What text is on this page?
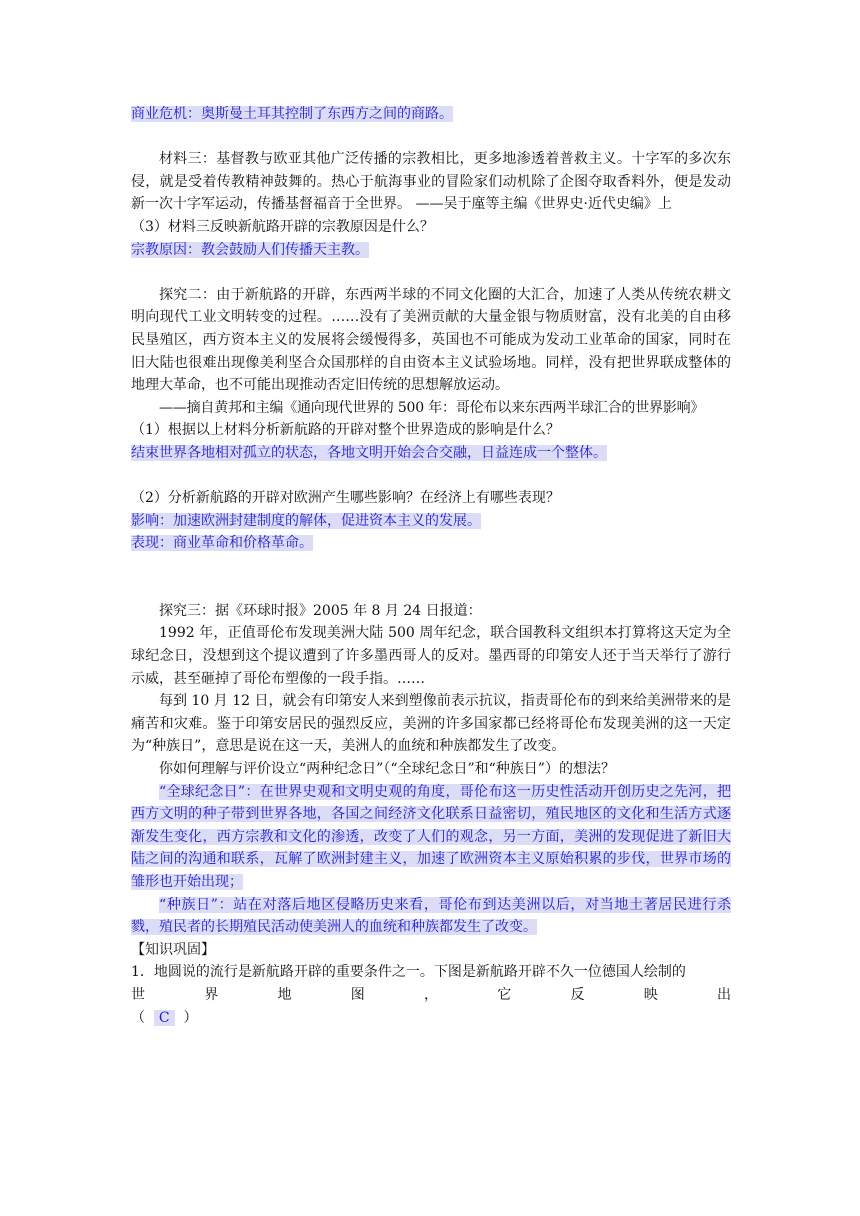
商业危机：奥斯曼土耳其控制了东西方之间的商路。
材料三：基督教与欧亚其他广泛传播的宗教相比，更多地渗透着普救主义。十字军的多次东侵，就是受着传教精神鼓舞的。热心于航海事业的冒险家们动机除了企图夺取香料外，便是发动新一次十字军运动，传播基督福音于全世界。 ——吴于廑等主编《世界史·近代史编》上
（3）材料三反映新航路开辟的宗教原因是什么？
宗教原因：教会鼓励人们传播天主教。
探究二：由于新航路的开辟，东西两半球的不同文化圈的大汇合，加速了人类从传统农耕文明向现代工业文明转变的过程。……没有了美洲贡献的大量金银与物质财富，没有北美的自由移民垦殖区，西方资本主义的发展将会缓慢得多，英国也不可能成为发动工业革命的国家，同时在旧大陆也很难出现像美利坚合众国那样的自由资本主义试验场地。同样，没有把世界联成整体的地理大革命，也不可能出现推动否定旧传统的思想解放运动。
——摘自黄邦和主编《通向现代世界的 500 年：哥伦布以来东西两半球汇合的世界影响》
（1）根据以上材料分析新航路的开辟对整个世界造成的影响是什么？
结束世界各地相对孤立的状态，各地文明开始会合交融，日益连成一个整体。
（2）分析新航路的开辟对欧洲产生哪些影响？在经济上有哪些表现？
影响：加速欧洲封建制度的解体，促进资本主义的发展。
表现：商业革命和价格革命。
探究三：据《环球时报》2005 年 8 月 24 日报道：
1992 年，正值哥伦布发现美洲大陆 500 周年纪念，联合国教科文组织本打算将这天定为全球纪念日，没想到这个提议遭到了许多墨西哥人的反对。墨西哥的印第安人还于当天举行了游行示威，甚至砸掉了哥伦布塑像的一段手指。……
每到 10 月 12 日，就会有印第安人来到塑像前表示抗议，指责哥伦布的到来给美洲带来的是痛苦和灾难。鉴于印第安居民的强烈反应，美洲的许多国家都已经将哥伦布发现美洲的这一天定为“种族日”，意思是说在这一天，美洲人的血统和种族都发生了改变。
你如何理解与评价设立“两种纪念日”（“全球纪念日”和“种族日”）的想法？
“全球纪念日”：在世界史观和文明史观的角度，哥伦布这一历史性活动开创历史之先河，把西方文明的种子带到世界各地，各国之间经济文化联系日益密切，殖民地区的文化和生活方式逐渐发生变化，西方宗教和文化的渗透，改变了人们的观念，另一方面，美洲的发现促进了新旧大陆之间的沟通和联系，瓦解了欧洲封建主义，加速了欧洲资本主义原始积累的步伐，世界市场的雏形也开始出现；
“种族日”：站在对落后地区侵略历史来看，哥伦布到达美洲以后，对当地土著居民进行杀戮，殖民者的长期殖民活动使美洲人的血统和种族都发生了改变。
【知识巩固】
1．地圆说的流行是新航路开辟的重要条件之一。下图是新航路开辟不久一位德国人绘制的
世	界	地	图	，	它	反	映	出
（ C ）
